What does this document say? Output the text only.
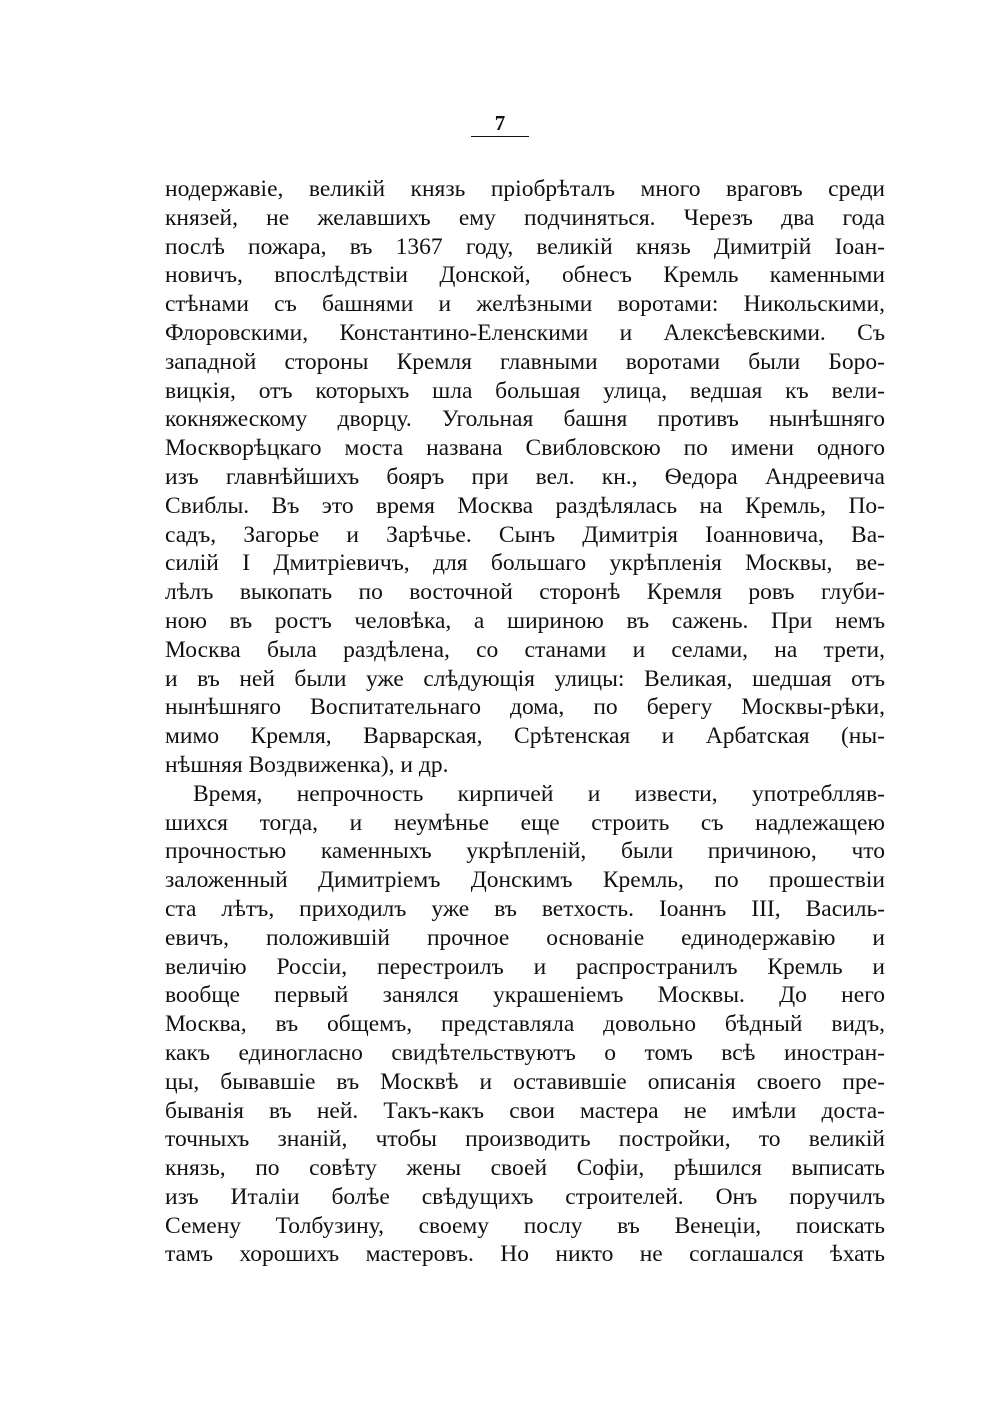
7
нодержавіе, великій князь пріобрѣталъ много враговъ среди
князей, не желавшихъ ему подчиняться. Черезъ два года
послѣ пожара, въ 1367 году, великій князь Димитрій Іоан-
новичъ, впослѣдствіи Донской, обнесъ Кремль каменными
стѣнами съ башнями и желѣзными воротами: Никольскими,
Флоровскими, Константино-Еленскими и Алексѣевскими. Съ
западной стороны Кремля главными воротами были Боро-
вицкія, отъ которыхъ шла большая улица, ведшая къ вели-
кокняжескому дворцу. Угольная башня противъ нынѣшняго
Москворѣцкаго моста названа Свибловскою по имени одного
изъ главнѣйшихъ бояръ при вел. кн., Ѳедора Андреевича
Свиблы. Въ это время Москва раздѣлялась на Кремль, По-
садъ, Загорье и Зарѣчье. Сынъ Димитрія Іоанновича, Ва-
силій I Дмитріевичъ, для большаго укрѣпленія Москвы, ве-
лѣлъ выкопать по восточной сторонѣ Кремля ровъ глуби-
ною въ ростъ человѣка, а шириною въ сажень. При немъ
Москва была раздѣлена, со станами и селами, на трети,
и въ ней были уже слѣдующія улицы: Великая, шедшая отъ
нынѣшняго Воспитательнаго дома, по берегу Москвы-рѣки,
мимо Кремля, Варварская, Срѣтенская и Арбатская (ны-
нѣшняя Воздвиженка), и др.
Время, непрочность кирпичей и извести, употреблляв-
шихся тогда, и неумѣнье еще строить съ надлежащею
прочностью каменныхъ укрѣпленій, были причиною, что
заложенный Димитріемъ Донскимъ Кремль, по прошествіи
ста лѣтъ, приходилъ уже въ ветхость. Іоаннъ III, Василь-
евичъ, положившій прочное основаніе единодержавію и
величію Россіи, перестроилъ и распространилъ Кремль и
вообще первый занялся украшеніемъ Москвы. До него
Москва, въ общемъ, представляла довольно бѣдный видъ,
какъ единогласно свидѣтельствуютъ о томъ всѣ иностран-
цы, бывавшіе въ Москвѣ и оставившіе описанія своего пре-
быванія въ ней. Такъ-какъ свои мастера не имѣли доста-
точныхъ знаній, чтобы производить постройки, то великій
князь, по совѣту жены своей Софіи, рѣшился выписать
изъ Италіи болѣе свѣдущихъ строителей. Онъ поручилъ
Семену Толбузину, своему послу въ Венеціи, поискать
тамъ хорошихъ мастеровъ. Но никто не соглашался ѣхать
